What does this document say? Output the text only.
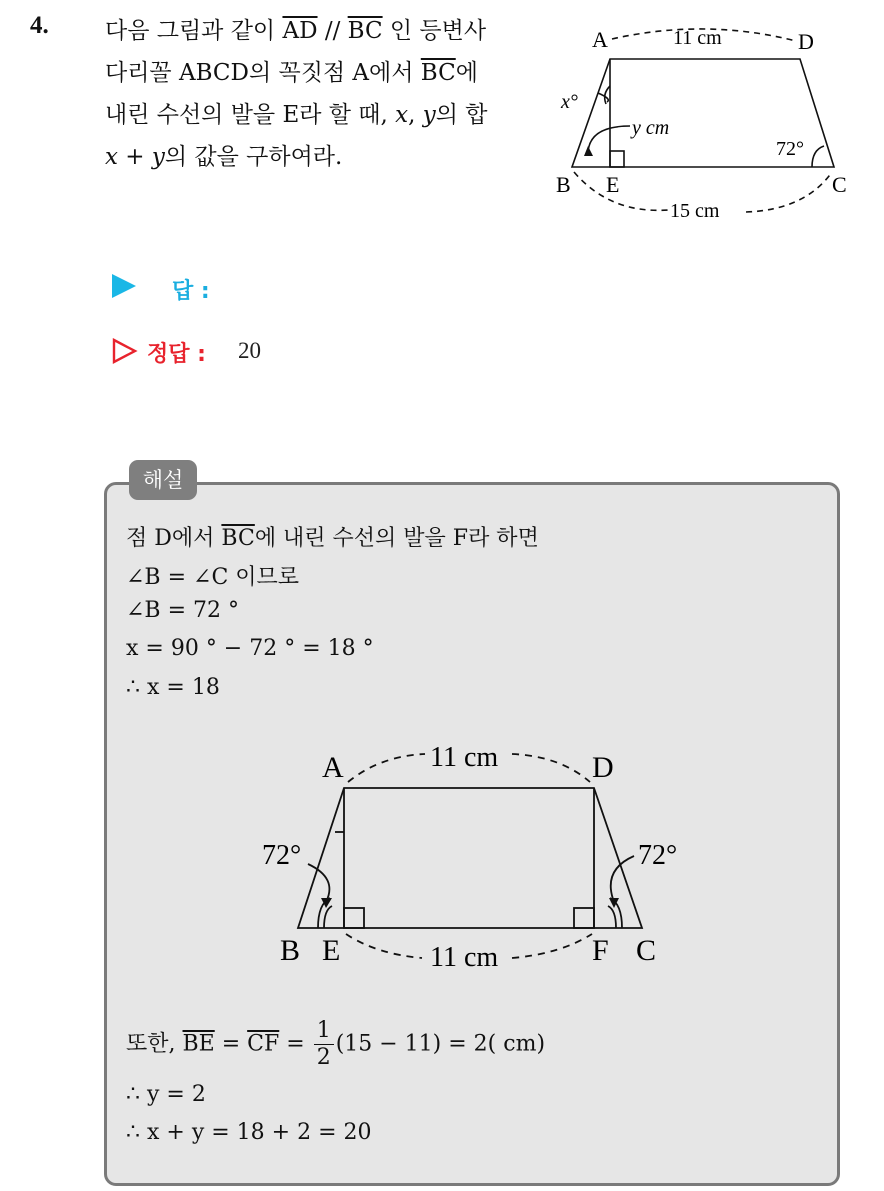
4. 다음 그림과 같이 $\overline{AD} // \overline{BC}$ 인 등변사
다리꼴 ABCD의 꼭짓점 A에서 $\overline{BC}$에
내린 수선의 발을 E라 할 때, x, y의 합
x + y의 값을 구하여라.
A	D
B E	C
11 cm
15 cm
x°
y cm
72°
답 :
정답 : 20
해설
점 D에서 $\overline{BC}$에 내린 수선의 발을 F라 하면
∠B = ∠C 이므로
∠B = 72 °
x = 90 ° − 72 ° = 18 °
∴ x = 18
A	D
B E	F C
11 cm
11 cm
72°	72°
또한, $\overline{BE} = \overline{CF} = \frac{1}{2} (15 - 11) = 2$( cm)
∴ y = 2
∴ x + y = 18 + 2 = 20
